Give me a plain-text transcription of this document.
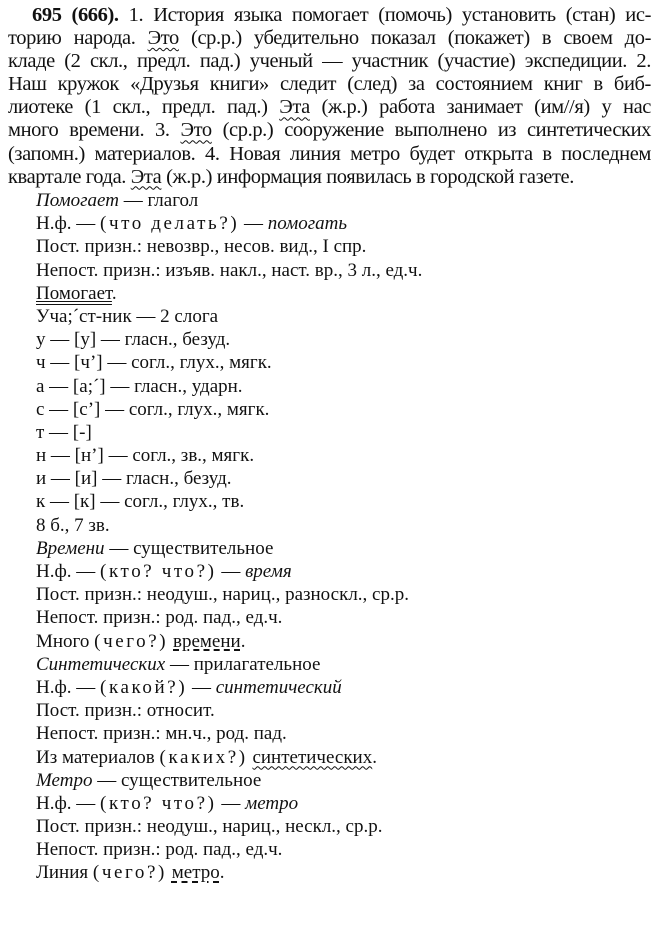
695 (666). 1. История языка помогает (помочь) установить (стан) ис-
торию народа. Это (ср.р.) убедительно показал (покажет) в своем до-
кладе (2 скл., предл. пад.) ученый — участник (участие) экспедиции. 2.
Наш кружок «Друзья книги» следит (след) за состоянием книг в биб-
лиотеке (1 скл., предл. пад.) Эта (ж.р.) работа занимает (им//я) у нас
много времени. 3. Это (ср.р.) сооружение выполнено из синтетических
(запомн.) материалов. 4. Новая линия метро будет открыта в последнем
квартале года. Эта (ж.р.) информация появилась в городской газете.
Помогает — глагол
Н.ф. — (что делать?) — помогать
Пост. призн.: невозвр., несов. вид., I спр.
Непост. призн.: изъяв. накл., наст. вр., 3 л., ед.ч.
Помогает.
Уча;´ст-ник — 2 слога
у — [у] — гласн., безуд.
ч — [ч’] — согл., глух., мягк.
а — [а;´] — гласн., ударн.
с — [с’] — согл., глух., мягк.
т — [-]
н — [н’] — согл., зв., мягк.
и — [и] — гласн., безуд.
к — [к] — согл., глух., тв.
8 б., 7 зв.
Времени — существительное
Н.ф. — (кто? что?) — время
Пост. призн.: неодуш., нариц., разноскл., ср.р.
Непост. призн.: род. пад., ед.ч.
Много (чего?) времени.
Синтетических — прилагательное
Н.ф. — (какой?) — синтетический
Пост. призн.: относит.
Непост. призн.: мн.ч., род. пад.
Из материалов (каких?) синтетических.
Метро — существительное
Н.ф. — (кто? что?) — метро
Пост. призн.: неодуш., нариц., нескл., ср.р.
Непост. призн.: род. пад., ед.ч.
Линия (чего?) метро.
